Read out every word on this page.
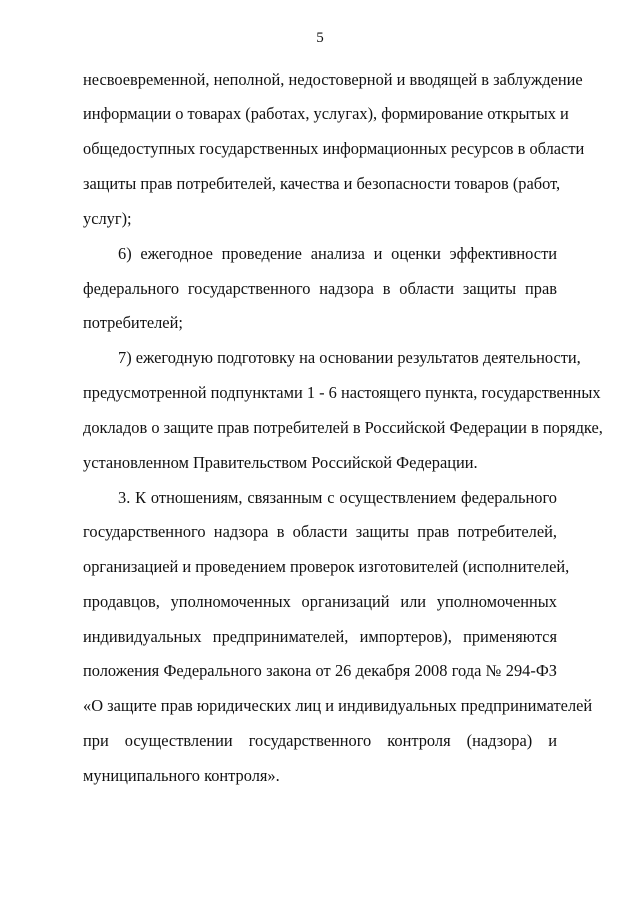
5
несвоевременной, неполной, недостоверной и вводящей в заблуждение
информации о товарах (работах, услугах), формирование открытых и
общедоступных государственных информационных ресурсов в области
защиты прав потребителей, качества и безопасности товаров (работ,
услуг);
6) ежегодное проведение анализа и оценки эффективности
федерального государственного надзора в области защиты прав
потребителей;
7) ежегодную подготовку на основании результатов деятельности,
предусмотренной подпунктами 1 - 6 настоящего пункта, государственных
докладов о защите прав потребителей в Российской Федерации в порядке,
установленном Правительством Российской Федерации.
3. К отношениям, связанным с осуществлением федерального
государственного надзора в области защиты прав потребителей,
организацией и проведением проверок изготовителей (исполнителей,
продавцов, уполномоченных организаций или уполномоченных
индивидуальных предпринимателей, импортеров), применяются
положения Федерального закона от 26 декабря 2008 года № 294-ФЗ
«О защите прав юридических лиц и индивидуальных предпринимателей
при осуществлении государственного контроля (надзора) и
муниципального контроля».
